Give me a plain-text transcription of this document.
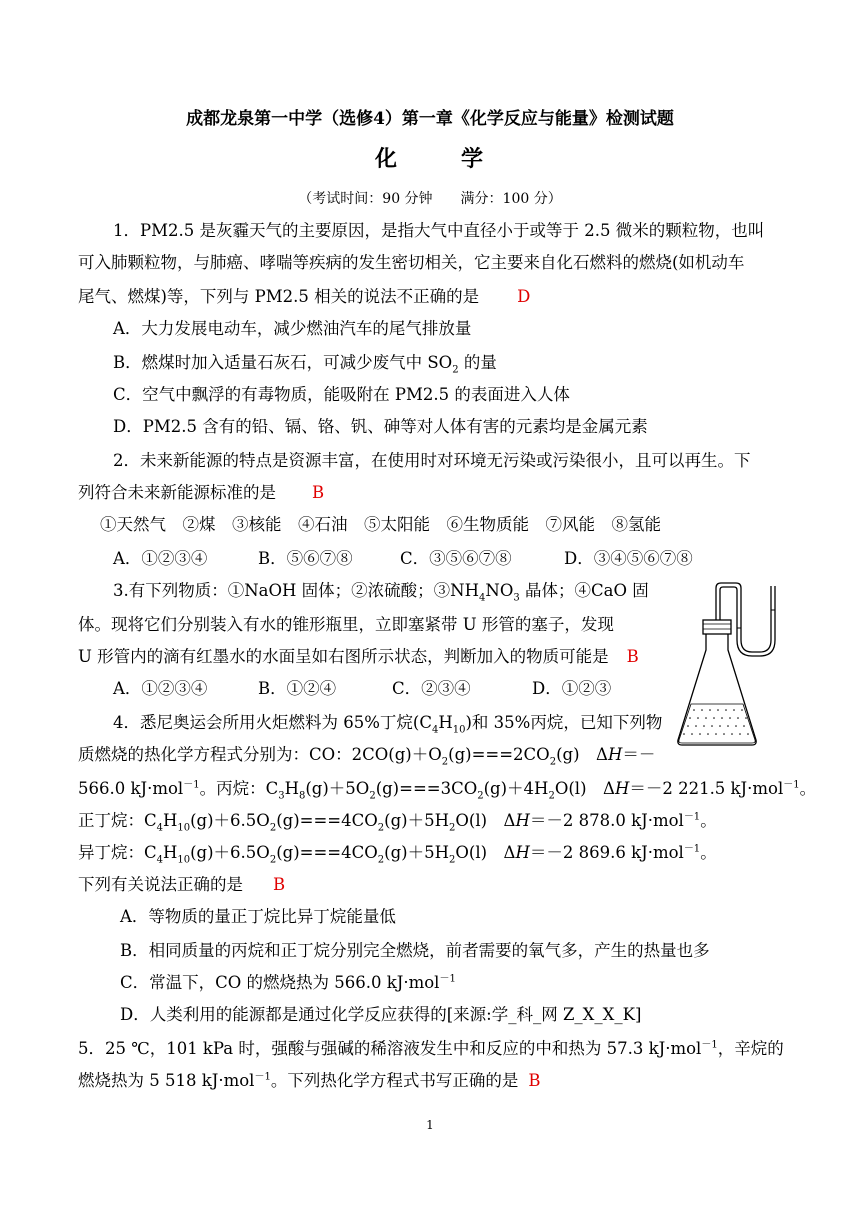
成都龙泉第一中学（选修4）第一章《化学反应与能量》检测试题
化	学
（考试时间：90 分钟　　满分：100 分）
1．PM2.5 是灰霾天气的主要原因，是指大气中直径小于或等于 2.5 微米的颗粒物，也叫
可入肺颗粒物，与肺癌、哮喘等疾病的发生密切相关，它主要来自化石燃料的燃烧(如机动车
尾气、燃煤)等，下列与 PM2.5 相关的说法不正确的是 D
A．大力发展电动车，减少燃油汽车的尾气排放量
B．燃煤时加入适量石灰石，可减少废气中 $SO_2$ 的量
C．空气中飘浮的有毒物质，能吸附在 PM2.5 的表面进入人体
D．PM2.5 含有的铅、镉、铬、钒、砷等对人体有害的元素均是金属元素
2．未来新能源的特点是资源丰富，在使用时对环境无污染或污染很小，且可以再生。下
列符合未来新能源标准的是 B
①天然气　②煤　③核能　④石油　⑤太阳能　⑥生物质能　⑦风能　⑧氢能
A．①②③④	B．⑤⑥⑦⑧	C．③⑤⑥⑦⑧	D．③④⑤⑥⑦⑧
3.有下列物质：①NaOH 固体；②浓硫酸；$③NH_4NO_3$ 晶体；④CaO 固
体。现将它们分别装入有水的锥形瓶里，立即塞紧带 U 形管的塞子，发现
U 形管内的滴有红墨水的水面呈如右图所示状态，判断加入的物质可能是 B
A．①②③④	B．①②④	C．②③④	D．①②③
4．悉尼奥运会所用火炬燃料为 65%丁烷$(C_4H_{10})$和 35%丙烷，已知下列物
质燃烧的热化学方程式分别为：CO：$2CO(g)+O_2(g)===2CO_2(g)$　ΔH＝－
566.0 kJ·mol$^{-1}$。丙烷：$C_3H_8(g)+5O_2(g)===3CO_2(g)+4H_2O(l)$　ΔH＝－2 221.5 kJ·mol$^{-1}$。
正丁烷：$C_4H_{10}(g)+6.5O_2(g)===4CO_2(g)+5H_2O(l)$　ΔH＝－2 878.0 kJ·mol$^{-1}$。
异丁烷：$C_4H_{10}(g)+6.5O_2(g)===4CO_2(g)+5H_2O(l)$　ΔH＝－2 869.6 kJ·mol$^{-1}$。
下列有关说法正确的是 B
A．等物质的量正丁烷比异丁烷能量低
B．相同质量的丙烷和正丁烷分别完全燃烧，前者需要的氧气多，产生的热量也多
C．常温下，CO 的燃烧热为 566.0 kJ·mol$^{-1}$
D．人类利用的能源都是通过化学反应获得的[来源:学_科_网 Z_X_X_K]
5．25 ℃，101 kPa 时，强酸与强碱的稀溶液发生中和反应的中和热为 57.3 kJ·mol$^{-1}$，辛烷的
燃烧热为 5 518 kJ·mol$^{-1}$。下列热化学方程式书写正确的是 B
1
